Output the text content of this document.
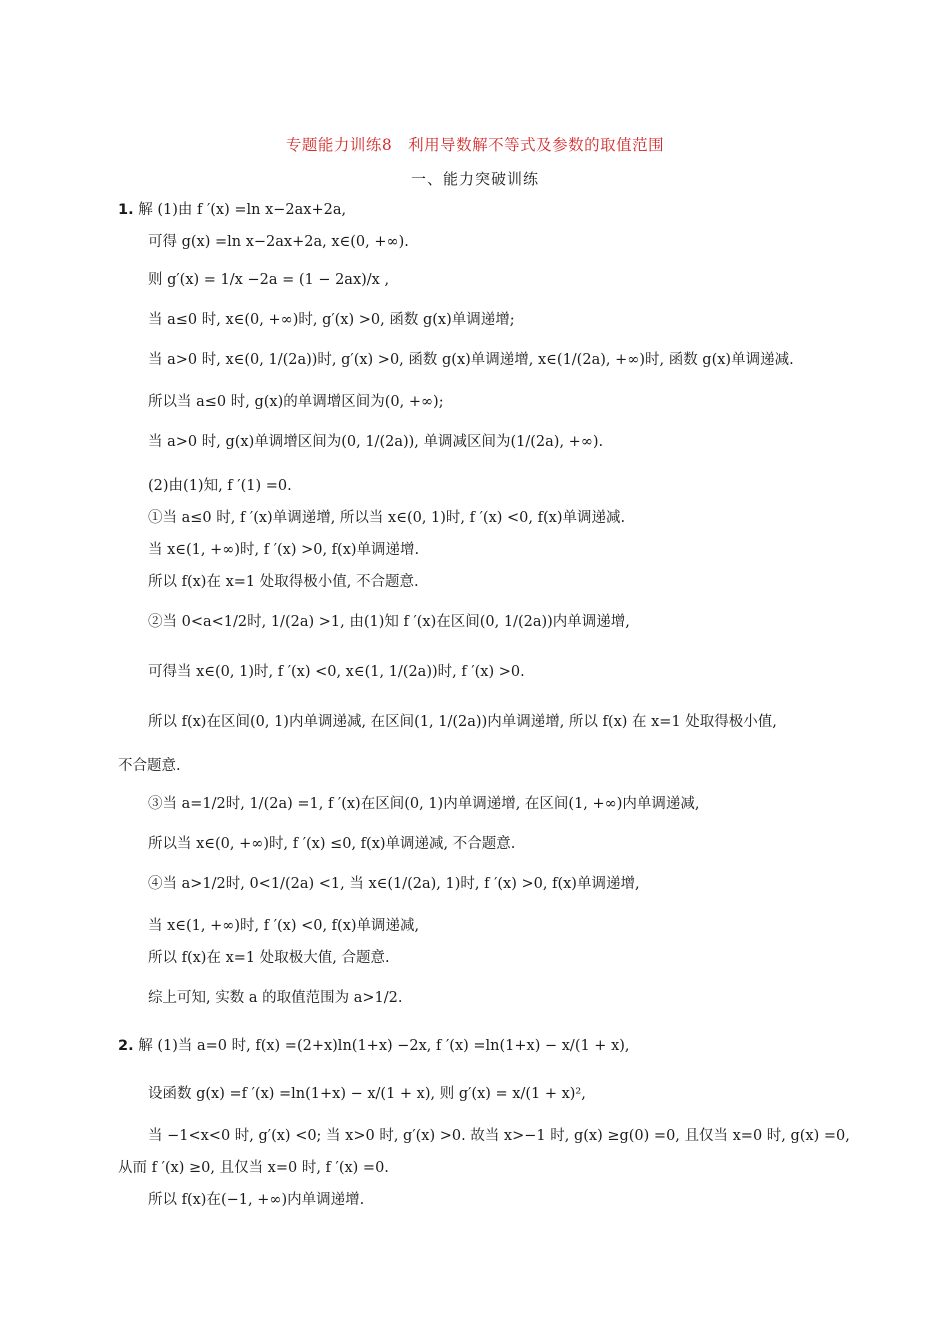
专题能力训练8　利用导数解不等式及参数的取值范围
一、能力突破训练
1. 解 (1)由 f ′(x) =ln x−2ax+2a,
可得 g(x) =ln x−2ax+2a, x∈(0, +∞).
则 g′(x) = 1/x −2a = (1 − 2ax)/x ,
当 a≤0 时, x∈(0, +∞)时, g′(x) >0, 函数 g(x)单调递增;
当 a>0 时, x∈(0, 1/(2a))时, g′(x) >0, 函数 g(x)单调递增, x∈(1/(2a), +∞)时, 函数 g(x)单调递减.
所以当 a≤0 时, g(x)的单调增区间为(0, +∞);
当 a>0 时, g(x)单调增区间为(0, 1/(2a)), 单调减区间为(1/(2a), +∞).
(2)由(1)知, f ′(1) =0.
①当 a≤0 时, f ′(x)单调递增, 所以当 x∈(0, 1)时, f ′(x) <0, f(x)单调递减.
当 x∈(1, +∞)时, f ′(x) >0, f(x)单调递增.
所以 f(x)在 x=1 处取得极小值, 不合题意.
②当 0<a<1/2时, 1/(2a) >1, 由(1)知 f ′(x)在区间(0, 1/(2a))内单调递增,
可得当 x∈(0, 1)时, f ′(x) <0, x∈(1, 1/(2a))时, f ′(x) >0.
所以 f(x)在区间(0, 1)内单调递减, 在区间(1, 1/(2a))内单调递增, 所以 f(x) 在 x=1 处取得极小值,
不合题意.
③当 a=1/2时, 1/(2a) =1, f ′(x)在区间(0, 1)内单调递增, 在区间(1, +∞)内单调递减,
所以当 x∈(0, +∞)时, f ′(x) ≤0, f(x)单调递减, 不合题意.
④当 a>1/2时, 0<1/(2a) <1, 当 x∈(1/(2a), 1)时, f ′(x) >0, f(x)单调递增,
当 x∈(1, +∞)时, f ′(x) <0, f(x)单调递减,
所以 f(x)在 x=1 处取极大值, 合题意.
综上可知, 实数 a 的取值范围为 a>1/2.
2. 解 (1)当 a=0 时, f(x) =(2+x)ln(1+x) −2x, f ′(x) =ln(1+x) − x/(1 + x),
设函数 g(x) =f ′(x) =ln(1+x) − x/(1 + x), 则 g′(x) = x/(1 + x)²,
当 −1<x<0 时, g′(x) <0; 当 x>0 时, g′(x) >0. 故当 x>−1 时, g(x) ≥g(0) =0, 且仅当 x=0 时, g(x) =0,
从而 f ′(x) ≥0, 且仅当 x=0 时, f ′(x) =0.
所以 f(x)在(−1, +∞)内单调递增.
